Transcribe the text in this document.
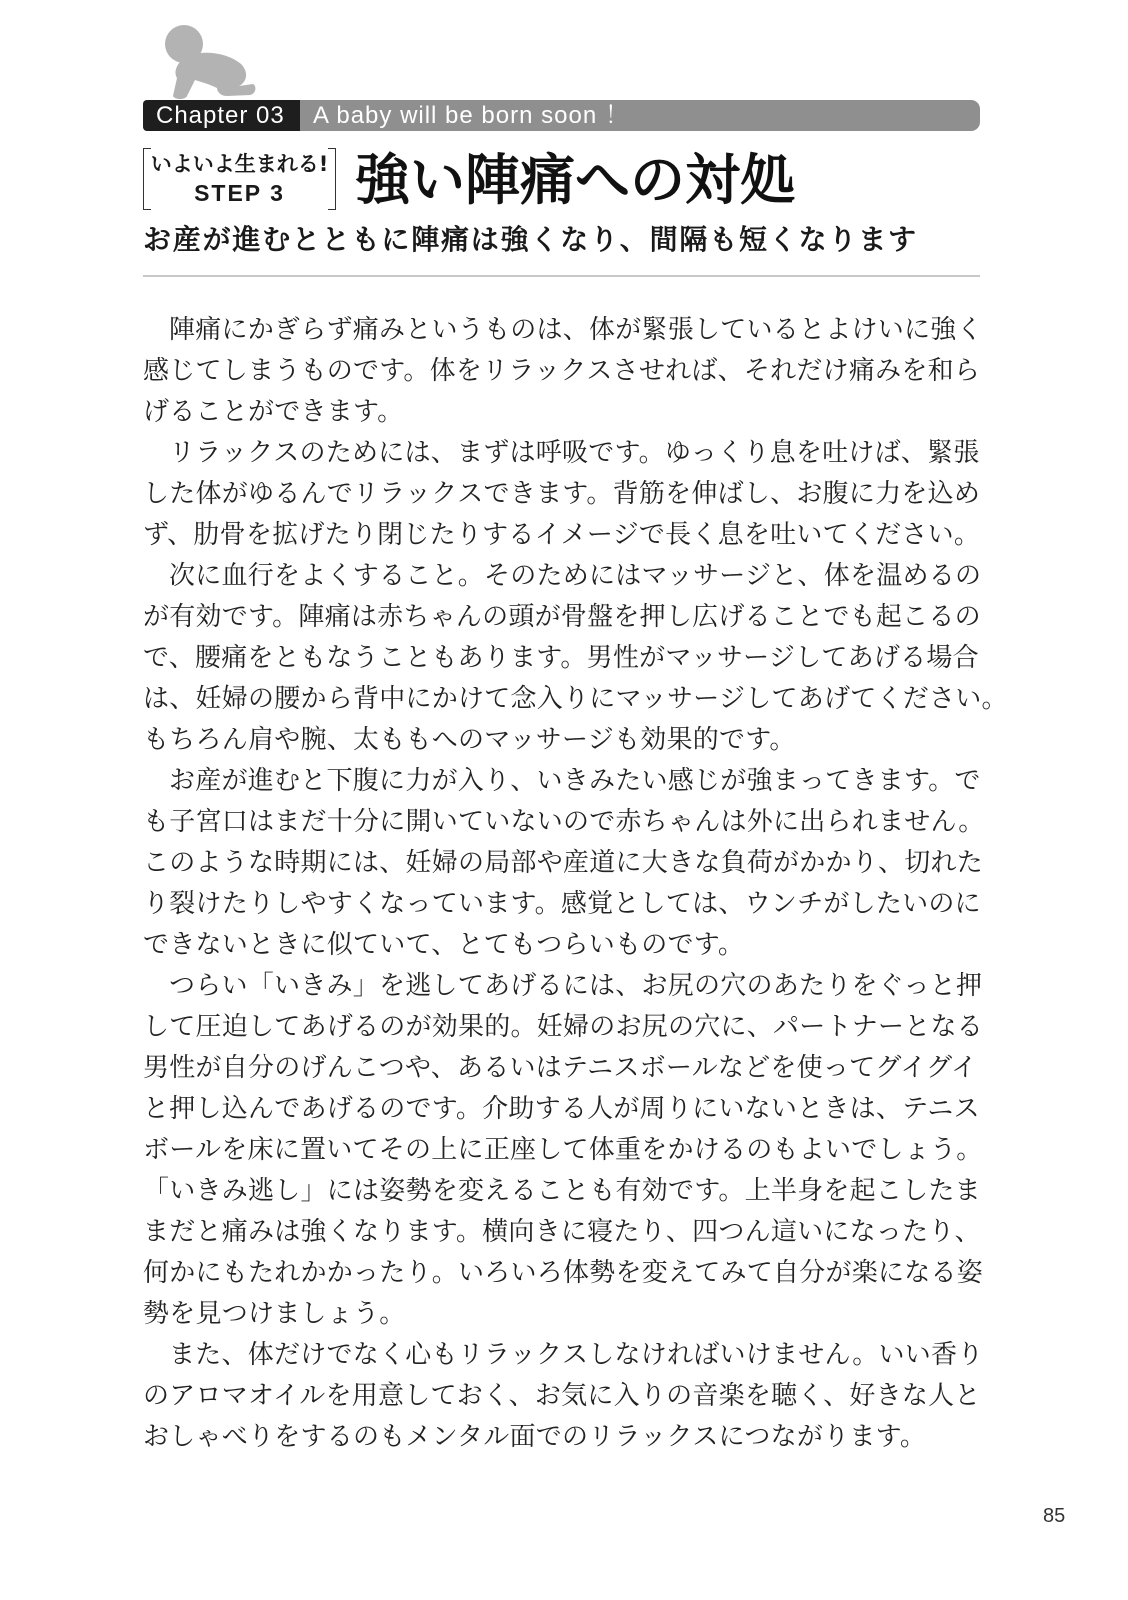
Chapter 03	A baby will be born soon ！
いよいよ生まれる!
STEP 3	強い陣痛への対処
お産が進むとともに陣痛は強くなり、間隔も短くなります
陣痛にかぎらず痛みというものは、体が緊張しているとよけいに強く
感じてしまうものです。体をリラックスさせれば、それだけ痛みを和ら
げることができます。
リラックスのためには、まずは呼吸です。ゆっくり息を吐けば、緊張
した体がゆるんでリラックスできます。背筋を伸ばし、お腹に力を込め
ず、肋骨を拡げたり閉じたりするイメージで長く息を吐いてください。
次に血行をよくすること。そのためにはマッサージと、体を温めるの
が有効です。陣痛は赤ちゃんの頭が骨盤を押し広げることでも起こるの
で、腰痛をともなうこともあります。男性がマッサージしてあげる場合
は、妊婦の腰から背中にかけて念入りにマッサージしてあげてください。
もちろん肩や腕、太ももへのマッサージも効果的です。
お産が進むと下腹に力が入り、いきみたい感じが強まってきます。で
も子宮口はまだ十分に開いていないので赤ちゃんは外に出られません。
このような時期には、妊婦の局部や産道に大きな負荷がかかり、切れた
り裂けたりしやすくなっています。感覚としては、ウンチがしたいのに
できないときに似ていて、とてもつらいものです。
つらい「いきみ」を逃してあげるには、お尻の穴のあたりをぐっと押
して圧迫してあげるのが効果的。妊婦のお尻の穴に、パートナーとなる
男性が自分のげんこつや、あるいはテニスボールなどを使ってグイグイ
と押し込んであげるのです。介助する人が周りにいないときは、テニス
ボールを床に置いてその上に正座して体重をかけるのもよいでしょう。
「いきみ逃し」には姿勢を変えることも有効です。上半身を起こしたま
まだと痛みは強くなります。横向きに寝たり、四つん這いになったり、
何かにもたれかかったり。いろいろ体勢を変えてみて自分が楽になる姿
勢を見つけましょう。
また、体だけでなく心もリラックスしなければいけません。いい香り
のアロマオイルを用意しておく、お気に入りの音楽を聴く、好きな人と
おしゃべりをするのもメンタル面でのリラックスにつながります。
85
